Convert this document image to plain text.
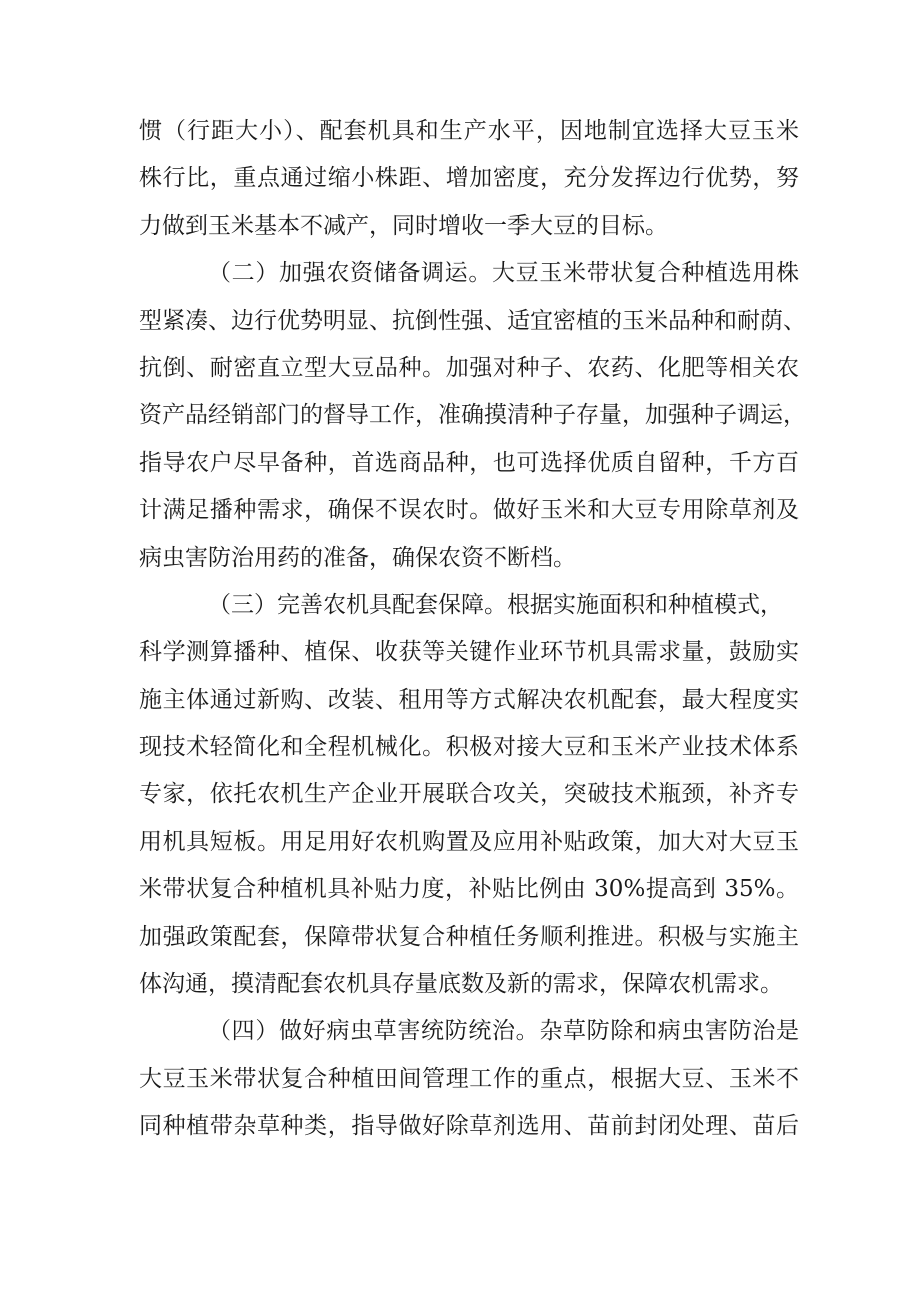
惯（行距大小）、配套机具和生产水平，因地制宜选择大豆玉米
株行比，重点通过缩小株距、增加密度，充分发挥边行优势，努
力做到玉米基本不减产，同时增收一季大豆的目标。
（二）加强农资储备调运。大豆玉米带状复合种植选用株
型紧凑、边行优势明显、抗倒性强、适宜密植的玉米品种和耐荫、
抗倒、耐密直立型大豆品种。加强对种子、农药、化肥等相关农
资产品经销部门的督导工作，准确摸清种子存量，加强种子调运，
指导农户尽早备种，首选商品种，也可选择优质自留种，千方百
计满足播种需求，确保不误农时。做好玉米和大豆专用除草剂及
病虫害防治用药的准备，确保农资不断档。
（三）完善农机具配套保障。根据实施面积和种植模式，
科学测算播种、植保、收获等关键作业环节机具需求量，鼓励实
施主体通过新购、改装、租用等方式解决农机配套，最大程度实
现技术轻简化和全程机械化。积极对接大豆和玉米产业技术体系
专家，依托农机生产企业开展联合攻关，突破技术瓶颈，补齐专
用机具短板。用足用好农机购置及应用补贴政策，加大对大豆玉
米带状复合种植机具补贴力度，补贴比例由 30%提高到 35%。
加强政策配套，保障带状复合种植任务顺利推进。积极与实施主
体沟通，摸清配套农机具存量底数及新的需求，保障农机需求。
（四）做好病虫草害统防统治。杂草防除和病虫害防治是
大豆玉米带状复合种植田间管理工作的重点，根据大豆、玉米不
同种植带杂草种类，指导做好除草剂选用、苗前封闭处理、苗后
